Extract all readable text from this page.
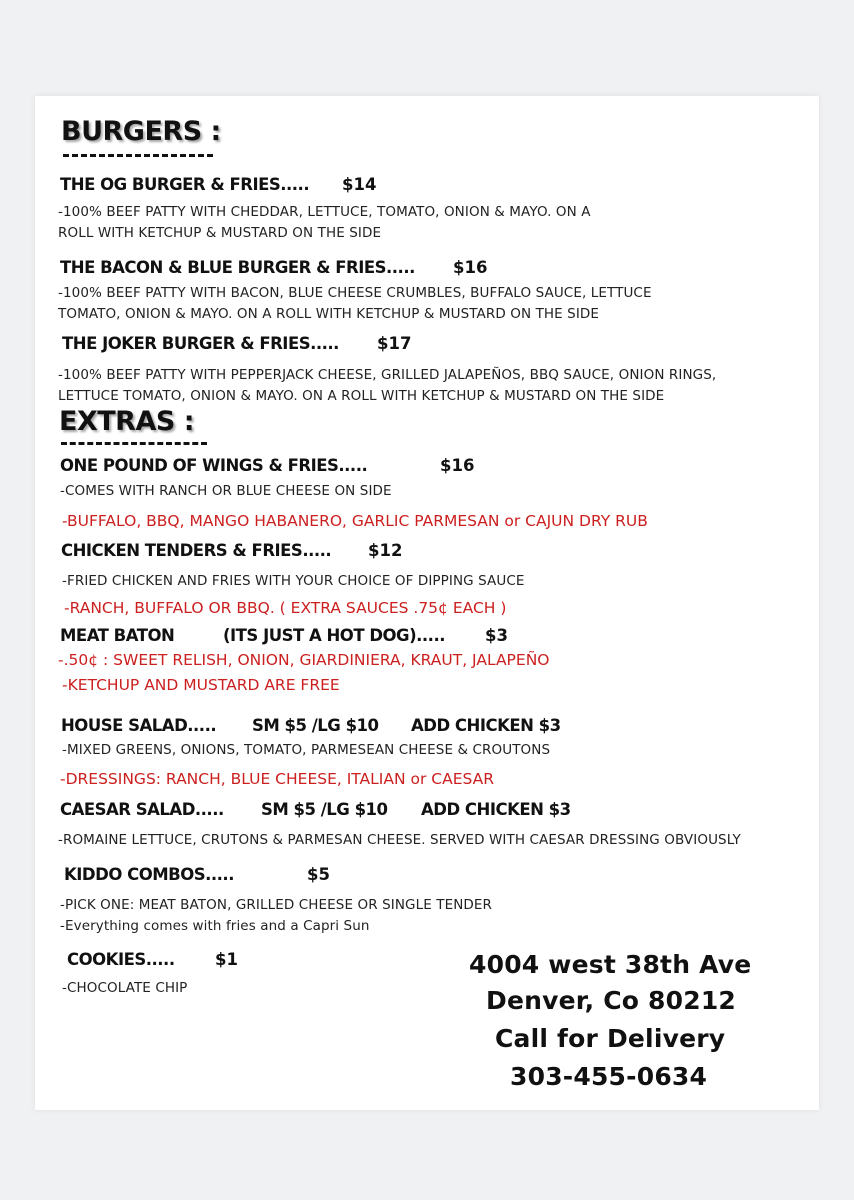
BURGERS :
THE OG BURGER & FRIES..... $14
-100% BEEF PATTY WITH CHEDDAR, LETTUCE, TOMATO, ONION & MAYO. ON A
ROLL WITH KETCHUP & MUSTARD ON THE SIDE
THE BACON & BLUE BURGER & FRIES..... $16
-100% BEEF PATTY WITH BACON, BLUE CHEESE CRUMBLES, BUFFALO SAUCE, LETTUCE
TOMATO, ONION & MAYO. ON A ROLL WITH KETCHUP & MUSTARD ON THE SIDE
THE JOKER BURGER & FRIES..... $17
-100% BEEF PATTY WITH PEPPERJACK CHEESE, GRILLED JALAPEÑOS, BBQ SAUCE, ONION RINGS,
LETTUCE TOMATO, ONION & MAYO. ON A ROLL WITH KETCHUP & MUSTARD ON THE SIDE
EXTRAS :
ONE POUND OF WINGS & FRIES.....	$16
-COMES WITH RANCH OR BLUE CHEESE ON SIDE
-BUFFALO, BBQ, MANGO HABANERO, GARLIC PARMESAN or CAJUN DRY RUB
CHICKEN TENDERS & FRIES..... $12
-FRIED CHICKEN AND FRIES WITH YOUR CHOICE OF DIPPING SAUCE
-RANCH, BUFFALO OR BBQ. ( EXTRA SAUCES .75¢ EACH )
MEAT BATON	(ITS JUST A HOT DOG)..... $3
-.50¢ : SWEET RELISH, ONION, GIARDINIERA, KRAUT, JALAPEÑO
-KETCHUP AND MUSTARD ARE FREE
HOUSE SALAD..... SM $5 /LG $10 ADD CHICKEN $3
-MIXED GREENS, ONIONS, TOMATO, PARMESEAN CHEESE & CROUTONS
-DRESSINGS: RANCH, BLUE CHEESE, ITALIAN or CAESAR
CAESAR SALAD..... SM $5 /LG $10 ADD CHICKEN $3
-ROMAINE LETTUCE, CRUTONS & PARMESAN CHEESE. SERVED WITH CAESAR DRESSING OBVIOUSLY
KIDDO COMBOS.....	$5
-PICK ONE: MEAT BATON, GRILLED CHEESE OR SINGLE TENDER
-Everything comes with fries and a Capri Sun
COOKIES..... $1
-CHOCOLATE CHIP
4004 west 38th Ave
Denver, Co 80212
Call for Delivery
303-455-0634
